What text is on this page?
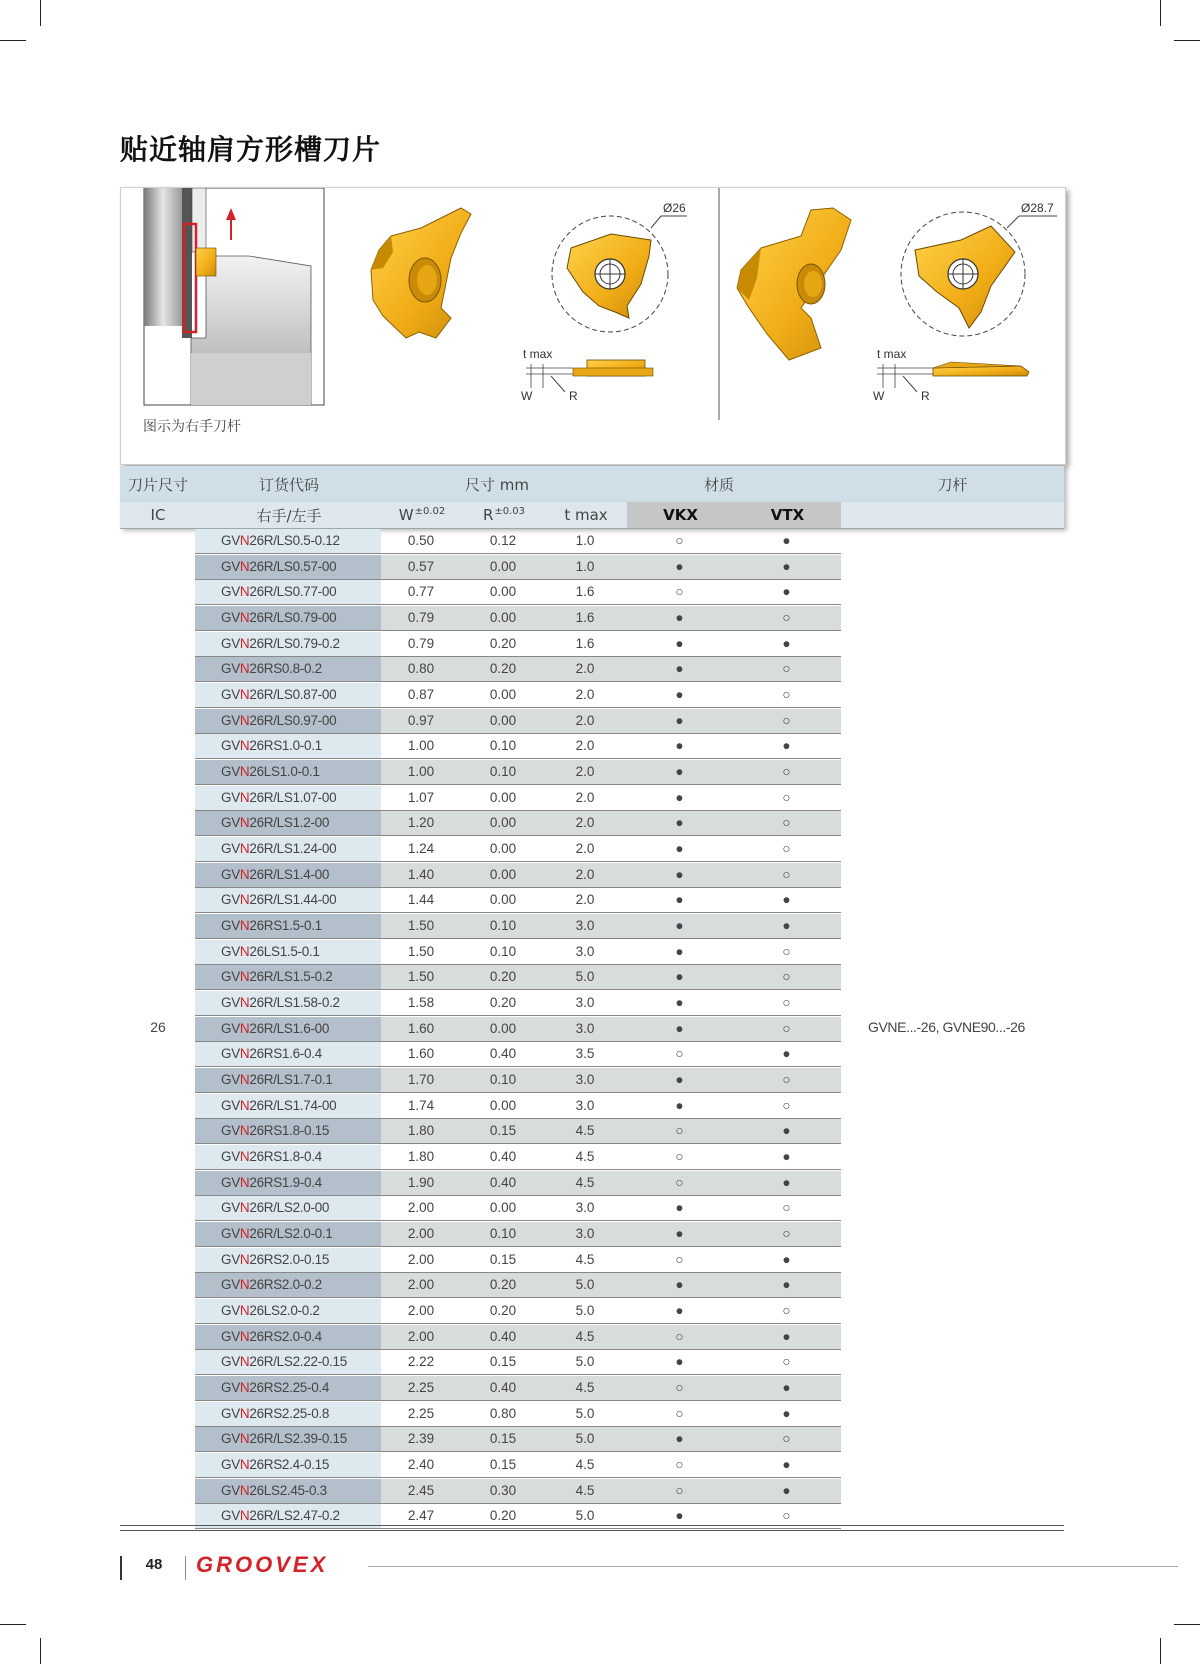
贴近轴肩方形槽刀片
Ø26
t max
W	R
Ø28.7
t max
W	R
图示为右手刀杆
刀片尺寸	订货代码	尺寸 mm	材质	刀杆
IC	右手/左手	$W^{\pm 0.02}$	$R^{\pm 0.03}$	t max	VKX	VTX
GVN26R/LS0.5-0.12	0.50	0.12	1.0	○	●
GVN26R/LS0.57-00	0.57	0.00	1.0	●	●
GVN26R/LS0.77-00	0.77	0.00	1.6	○	●
GVN26R/LS0.79-00	0.79	0.00	1.6	●	○
GVN26R/LS0.79-0.2	0.79	0.20	1.6	●	●
GVN26RS0.8-0.2	0.80	0.20	2.0	●	○
GVN26R/LS0.87-00	0.87	0.00	2.0	●	○
GVN26R/LS0.97-00	0.97	0.00	2.0	●	○
GVN26RS1.0-0.1	1.00	0.10	2.0	●	●
GVN26LS1.0-0.1	1.00	0.10	2.0	●	○
GVN26R/LS1.07-00	1.07	0.00	2.0	●	○
GVN26R/LS1.2-00	1.20	0.00	2.0	●	○
GVN26R/LS1.24-00	1.24	0.00	2.0	●	○
GVN26R/LS1.4-00	1.40	0.00	2.0	●	○
GVN26R/LS1.44-00	1.44	0.00	2.0	●	●
GVN26RS1.5-0.1	1.50	0.10	3.0	●	●
GVN26LS1.5-0.1	1.50	0.10	3.0	●	○
GVN26R/LS1.5-0.2	1.50	0.20	5.0	●	○
GVN26R/LS1.58-0.2	1.58	0.20	3.0	●	○
GVN26R/LS1.6-00	1.60	0.00	3.0	●	○
GVN26RS1.6-0.4	1.60	0.40	3.5	○	●
GVN26R/LS1.7-0.1	1.70	0.10	3.0	●	○
GVN26R/LS1.74-00	1.74	0.00	3.0	●	○
GVN26RS1.8-0.15	1.80	0.15	4.5	○	●
GVN26RS1.8-0.4	1.80	0.40	4.5	○	●
GVN26RS1.9-0.4	1.90	0.40	4.5	○	●
GVN26R/LS2.0-00	2.00	0.00	3.0	●	○
GVN26R/LS2.0-0.1	2.00	0.10	3.0	●	○
GVN26RS2.0-0.15	2.00	0.15	4.5	○	●
GVN26RS2.0-0.2	2.00	0.20	5.0	●	●
GVN26LS2.0-0.2	2.00	0.20	5.0	●	○
GVN26RS2.0-0.4	2.00	0.40	4.5	○	●
GVN26R/LS2.22-0.15	2.22	0.15	5.0	●	○
GVN26RS2.25-0.4	2.25	0.40	4.5	○	●
GVN26RS2.25-0.8	2.25	0.80	5.0	○	●
GVN26R/LS2.39-0.15	2.39	0.15	5.0	●	○
GVN26RS2.4-0.15	2.40	0.15	4.5	○	●
GVN26LS2.45-0.3	2.45	0.30	4.5	○	●
GVN26R/LS2.47-0.2	2.47	0.20	5.0	●	○
26	GVNE...-26, GVNE90...-26
48 GROOVEX
